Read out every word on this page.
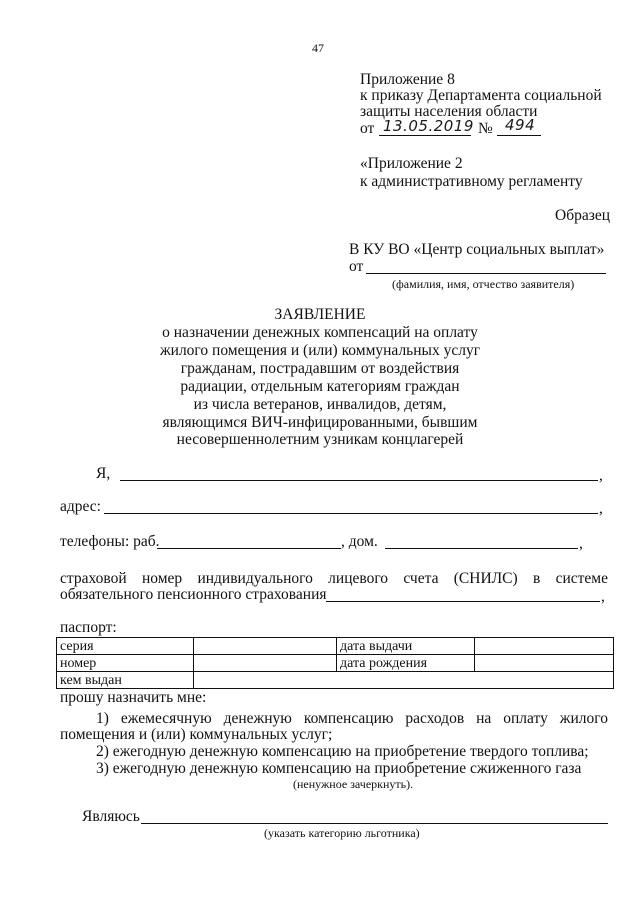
47
Приложение 8
к приказу Департамента социальной
защиты населения области
от 13.05.2019 № 494
«Приложение 2
к административному регламенту
Образец
В КУ ВО «Центр социальных выплат»
от
(фамилия, имя, отчество заявителя)
ЗАЯВЛЕНИЕ
о назначении денежных компенсаций на оплату
жилого помещения и (или) коммунальных услуг
гражданам, пострадавшим от воздействия
радиации, отдельным категориям граждан
из числа ветеранов, инвалидов, детям,
являющимся ВИЧ-инфицированными, бывшим
несовершеннолетним узникам концлагерей
Я,	,
адрес:	,
телефоны: раб.	, дом.	,
страховой номер индивидуального лицевого счета (СНИЛС) в системе
обязательного пенсионного страхования	,
паспорт:
серия		дата выдачи	
номер		дата рождения	
кем выдан			
прошу назначить мне:
1) ежемесячную денежную компенсацию расходов на оплату жилого
помещения и (или) коммунальных услуг;
2) ежегодную денежную компенсацию на приобретение твердого топлива;
3) ежегодную денежную компенсацию на приобретение сжиженного газа
(ненужное зачеркнуть).
Являюсь
(указать категорию льготника)
